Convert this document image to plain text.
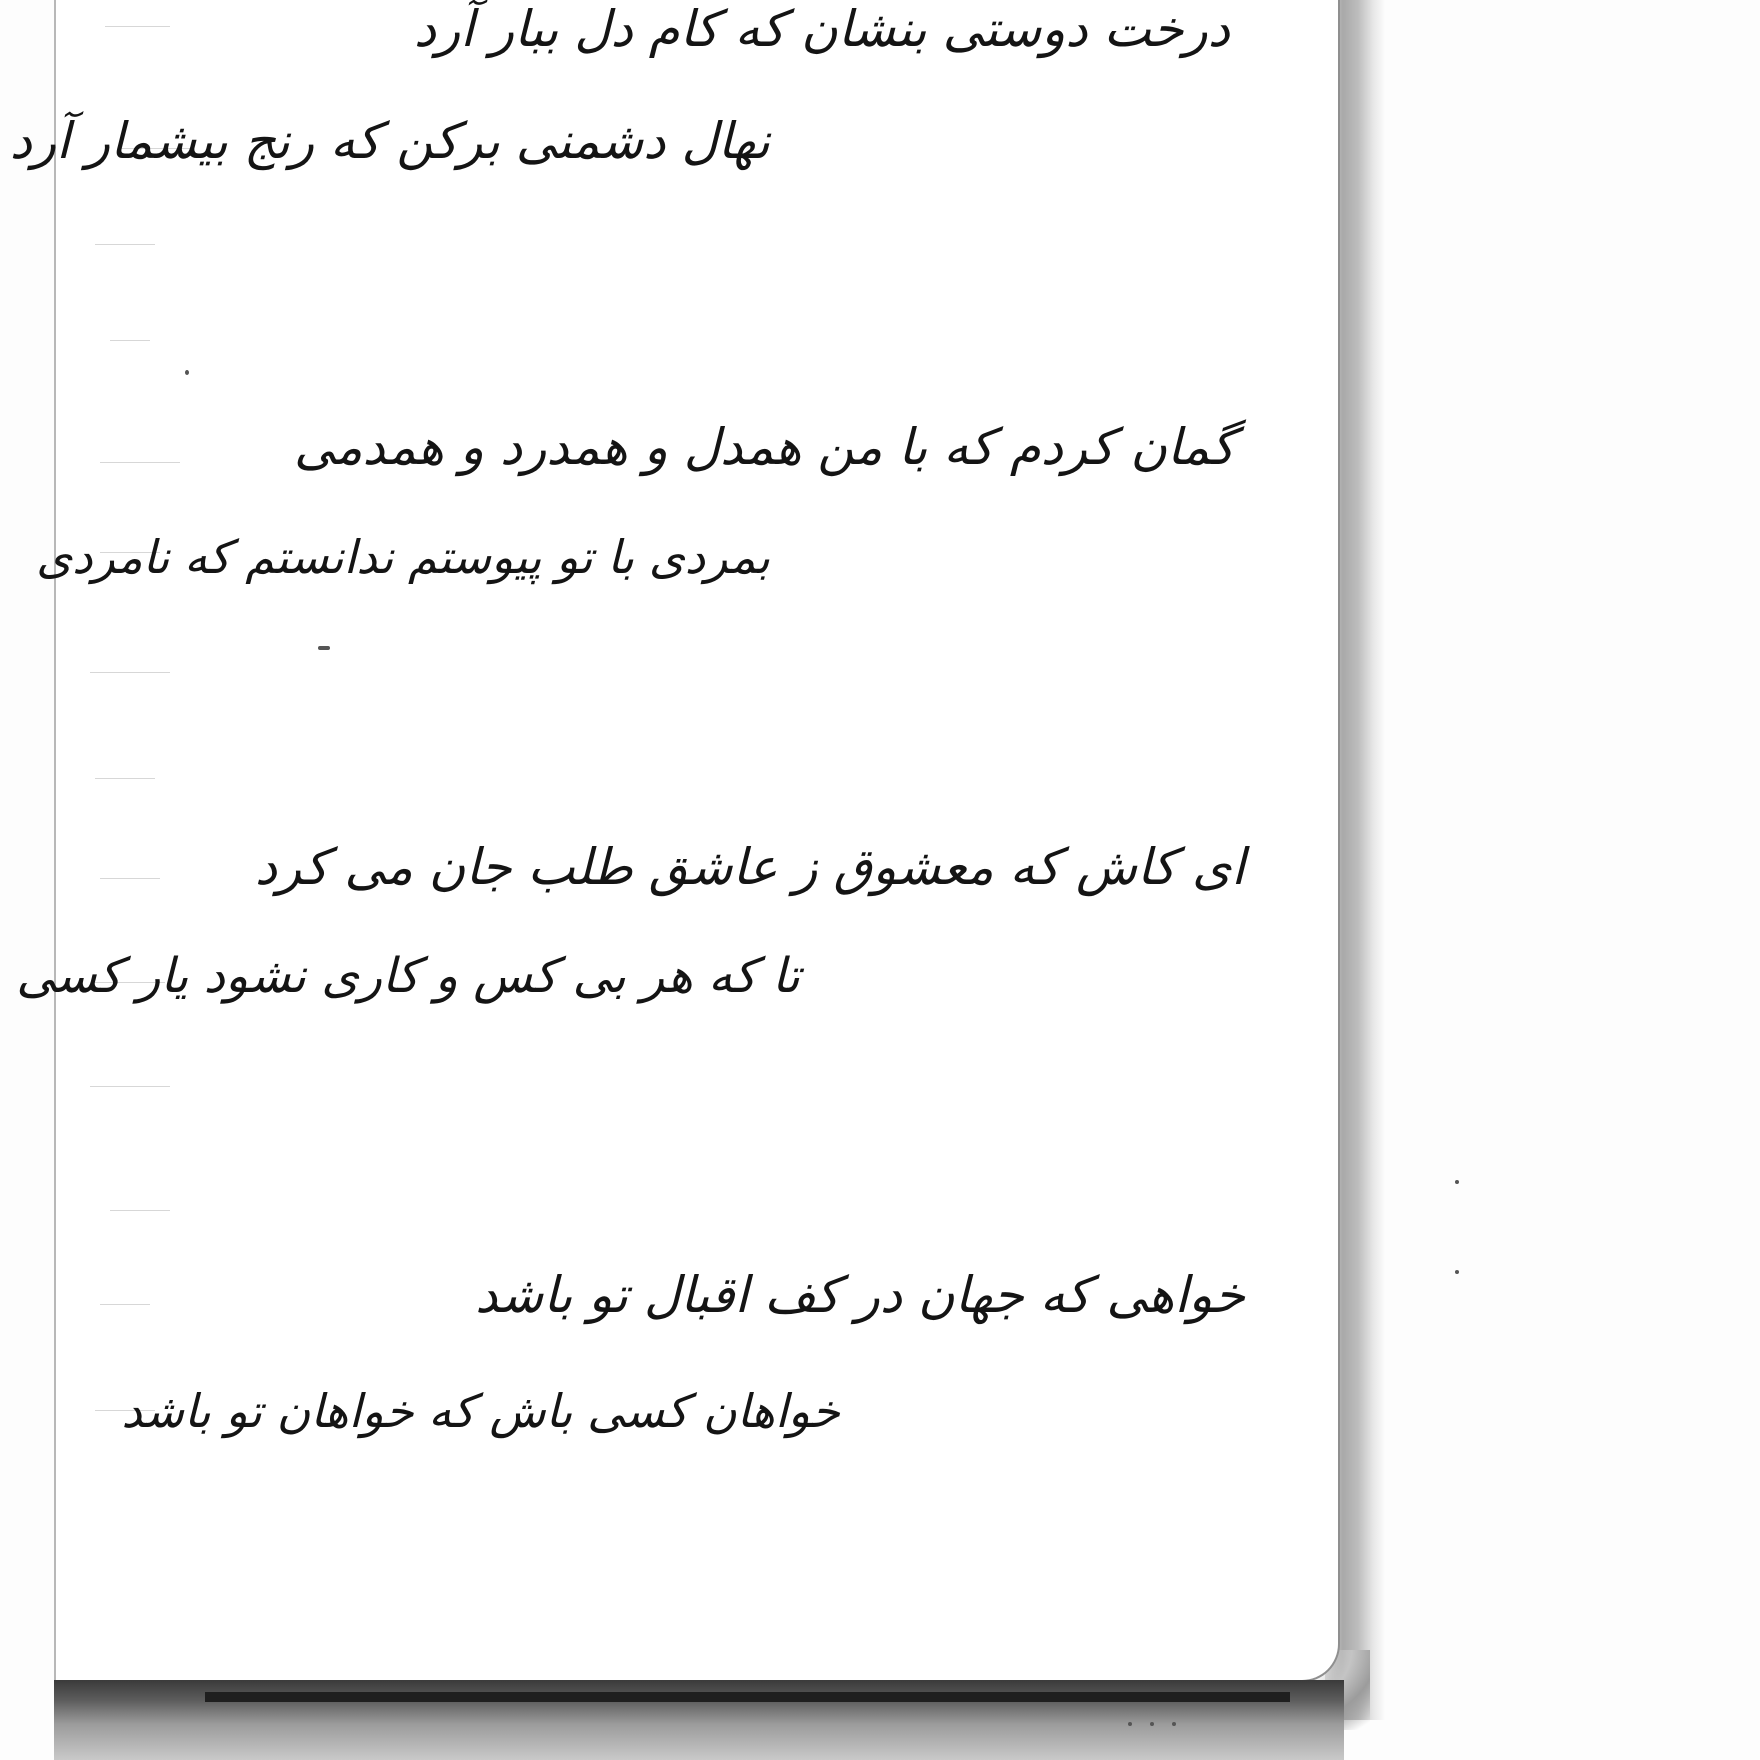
درخت دوستی بنشان که کام دل ببار آرد
نهال دشمنی برکن که رنج بیشمار آرد
گمان کردم که با من همدل و همدرد و همدمی
بمردی با تو پیوستم ندانستم که نامردی
ای کاش که معشوق ز عاشق طلب جان می کرد
تا که هر بی کس و کاری نشود یار کسی
خواهی که جهان در کف اقبال تو باشد
خواهان کسی باش که خواهان تو باشد
